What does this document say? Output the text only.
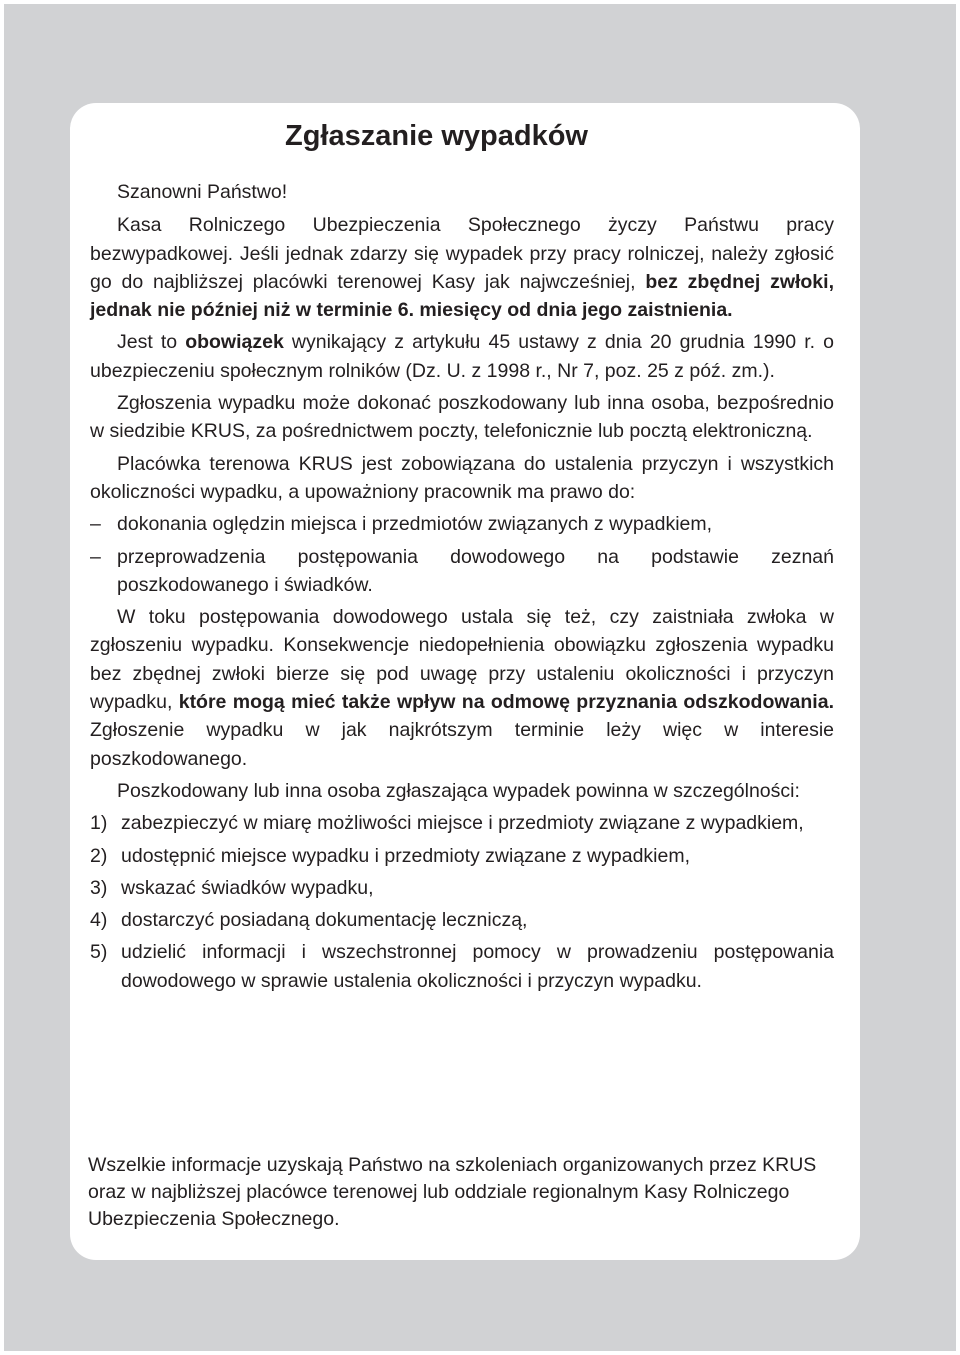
Zgłaszanie wypadków

Szanowni Państwo!

Kasa Rolniczego Ubezpieczenia Społecznego życzy Państwu pracy bezwypadkowej. Jeśli jednak zdarzy się wypadek przy pracy rolniczej, należy zgłosić go do najbliższej placówki terenowej Kasy jak najwcześniej, bez zbędnej zwłoki, jednak nie później niż w terminie 6. miesięcy od dnia jego zaistnienia.

Jest to obowiązek wynikający z artykułu 45 ustawy z dnia 20 grudnia 1990 r. o ubezpieczeniu społecznym rolników (Dz. U. z 1998 r., Nr 7, poz. 25 z póź. zm.).

Zgłoszenia wypadku może dokonać poszkodowany lub inna osoba, bezpośrednio w siedzibie KRUS, za pośrednictwem poczty, telefonicznie lub pocztą elektroniczną.

Placówka terenowa KRUS jest zobowiązana do ustalenia przyczyn i wszystkich okoliczności wypadku, a upoważniony pracownik ma prawo do:

– dokonania oględzin miejsca i przedmiotów związanych z wypadkiem,
– przeprowadzenia postępowania dowodowego na podstawie zeznań poszkodowanego i świadków.

W toku postępowania dowodowego ustala się też, czy zaistniała zwłoka w zgłoszeniu wypadku. Konsekwencje niedopełnienia obowiązku zgłoszenia wypadku bez zbędnej zwłoki bierze się pod uwagę przy ustaleniu okoliczności i przyczyn wypadku, które mogą mieć także wpływ na odmowę przyznania odszkodowania. Zgłoszenie wypadku w jak najkrótszym terminie leży więc w interesie poszkodowanego.

Poszkodowany lub inna osoba zgłaszająca wypadek powinna w szczególności:

1) zabezpieczyć w miarę możliwości miejsce i przedmioty związane z wypadkiem,
2) udostępnić miejsce wypadku i przedmioty związane z wypadkiem,
3) wskazać świadków wypadku,
4) dostarczyć posiadaną dokumentację leczniczą,
5) udzielić informacji i wszechstronnej pomocy w prowadzeniu postępowania dowodowego w sprawie ustalenia okoliczności i przyczyn wypadku.

Wszelkie informacje uzyskają Państwo na szkoleniach organizowanych przez KRUS oraz w najbliższej placówce terenowej lub oddziale regionalnym Kasy Rolniczego Ubezpieczenia Społecznego.
